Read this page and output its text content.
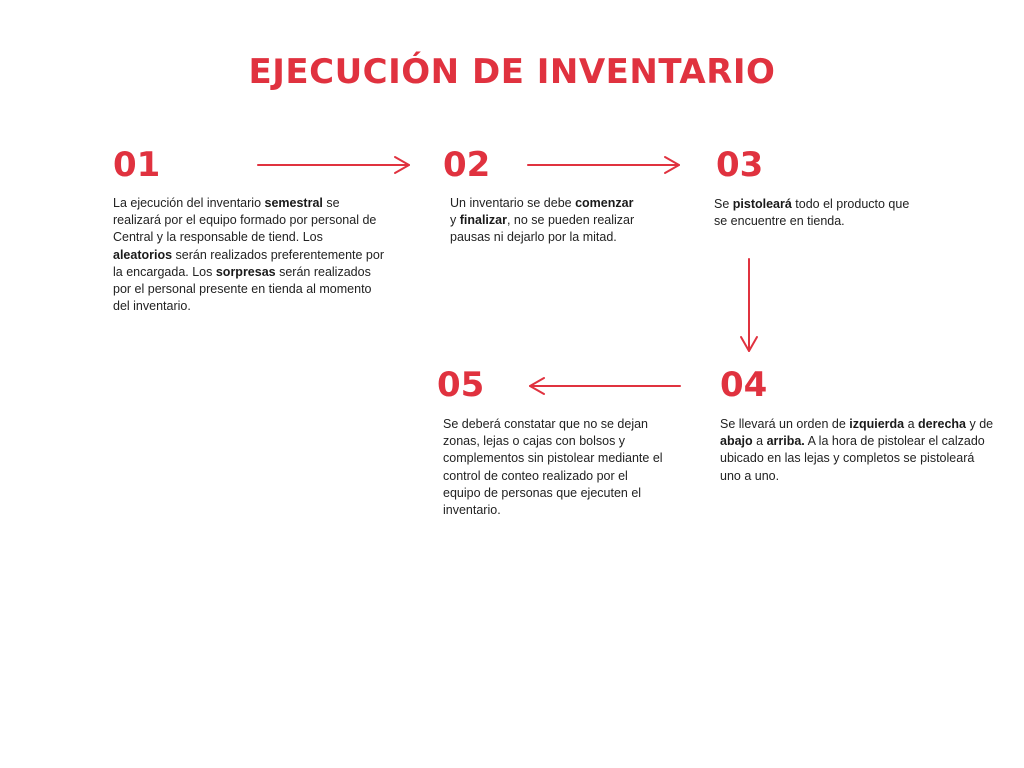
EJECUCIÓN DE INVENTARIO
01	02	03
04
05

La ejecución del inventario semestral se realizará por el equipo formado por personal de Central y la responsable de tiend. Los aleatorios serán realizados preferentemente por la encargada. Los sorpresas serán realizados por el personal presente en tienda al momento del inventario.

Un inventario se debe comenzar y finalizar, no se pueden realizar pausas ni dejarlo por la mitad.

Se pistoleará todo el producto que se encuentre en tienda.

Se llevará un orden de izquierda a derecha y de abajo a arriba. A la hora de pistolear el calzado ubicado en las lejas y completos se pistoleará uno a uno.

Se deberá constatar que no se dejan zonas, lejas o cajas con bolsos y complementos sin pistolear mediante el control de conteo realizado por el equipo de personas que ejecuten el inventario.
